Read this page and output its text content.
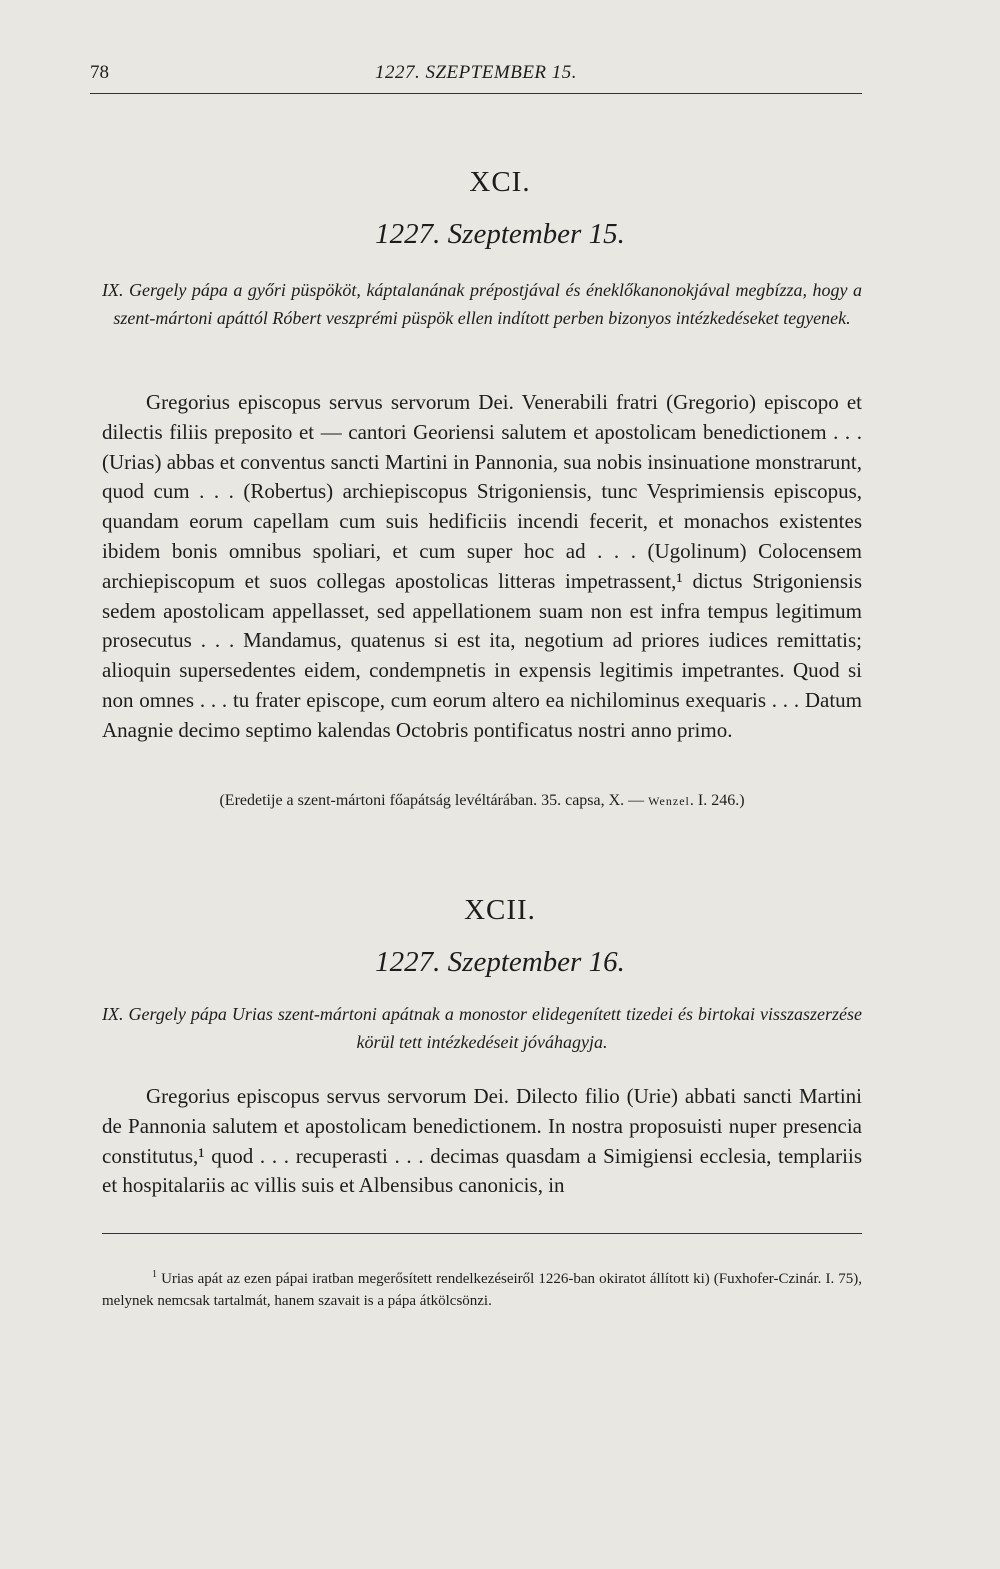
78	1227. SZEPTEMBER 15.
XCI.
1227. Szeptember 15.
IX. Gergely pápa a győri püspököt, káptalanának prépostjával és éneklőkanonokjával megbízza, hogy a szent-mártoni apáttól Róbert veszprémi püspök ellen indított perben bizonyos intézkedéseket tegyenek.
Gregorius episcopus servus servorum Dei. Venerabili fratri (Gregorio) episcopo et dilectis filiis preposito et — cantori Georiensi salutem et apostolicam benedictionem . . . (Urias) abbas et conventus sancti Martini in Pannonia, sua nobis insinuatione monstrarunt, quod cum . . . (Robertus) archiepiscopus Strigoniensis, tunc Vesprimiensis episcopus, quandam eorum capellam cum suis hedificiis incendi fecerit, et monachos existentes ibidem bonis omnibus spoliari, et cum super hoc ad . . . (Ugolinum) Colocensem archiepiscopum et suos collegas apostolicas litteras impetrassent,¹ dictus Strigoniensis sedem apostolicam appellasset, sed appellationem suam non est infra tempus legitimum prosecutus . . . Mandamus, quatenus si est ita, negotium ad priores iudices remittatis; alioquin supersedentes eidem, condempnetis in expensis legitimis impetrantes. Quod si non omnes . . . tu frater episcope, cum eorum altero ea nichilominus exequaris . . . Datum Anagnie decimo septimo kalendas Octobris pontificatus nostri anno primo.
(Eredetije a szent-mártoni főapátság levéltárában. 35. capsa, X. — Wenzel. I. 246.)
XCII.
1227. Szeptember 16.
IX. Gergely pápa Urias szent-mártoni apátnak a monostor elidegenített tizedei és birtokai visszaszerzése körül tett intézkedéseit jóváhagyja.
Gregorius episcopus servus servorum Dei. Dilecto filio (Urie) abbati sancti Martini de Pannonia salutem et apostolicam benedictionem. In nostra proposuisti nuper presencia constitutus,¹ quod . . . recuperasti . . . decimas quasdam a Simigiensi ecclesia, templariis et hospitalariis ac villis suis et Albensibus canonicis, in
$^1$ Urias apát az ezen pápai iratban megerősített rendelkezéseiről 1226-ban okiratot állított ki) (Fuxhofer-Czinár. I. 75), melynek nemcsak tartalmát, hanem szavait is a pápa átkölcsönzi.
